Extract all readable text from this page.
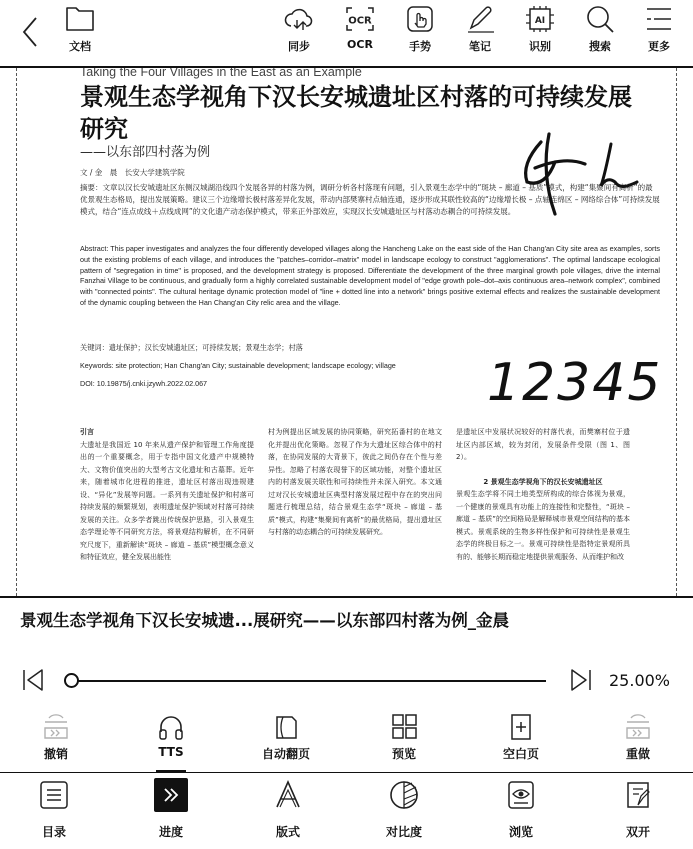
文档	同步
OCR
OCR	手势	笔记
AI
识别	搜索	更多
Taking the Four Villages in the East as an Example
景观生态学视角下汉长安城遗址区村落的可持续发展研究
——以东部四村落为例
文 / 金　晨　长安大学建筑学院
摘要：文章以汉长安城遗址区东侧汉城湖沿线四个发展各异的村落为例，调研分析各村落现有问题，引入景观生态学中的“斑块 – 廊道 – 基质”模式，构建“集聚间有离析”的最优景观生态格局，提出发展策略。建议三个边缘增长极村落差异化发展，带动内部樊寨村点轴连通，逐步形成其联性较高的“边缘增长极 – 点轴连绵区 – 网络综合体”可持续发展模式，结合“连点成线＋点线成网”的文化遗产动态保护模式，带来正外部效应，实现汉长安城遗址区与村落动态耦合的可持续发展。
Abstract: This paper investigates and analyzes the four differently developed villages along the Hancheng Lake on the east side of the Han Chang'an City site area as examples, sorts out the existing problems of each village, and introduces the "patches–corridor–matrix" model in landscape ecology to construct "agglomerations". The optimal landscape ecological pattern of "segregation in time" is proposed, and the development strategy is proposed. Differentiate the development of the three marginal growth pole villages, drive the internal Fanzhai Village to be continuous, and gradually form a highly correlated sustainable development model of "edge growth pole–dot–axis continuous area–network complex", combined with "connected points". The cultural heritage dynamic protection model of "line + dotted line into a network" brings positive external effects and realizes the sustainable development of the dynamic coupling between the Han Chang'an City relic area and the village.
关键词：遗址保护；汉长安城遗址区；可持续发展；景观生态学；村落
Keywords: site protection; Han Chang'an City; sustainable development; landscape ecology; village
DOI: 10.19875/j.cnki.jzywh.2022.02.067
引言
大遗址是我国近 10 年来从遗产保护和管理工作角度提出的一个重要概念，用于专指中国文化遗产中规模特大、文物价值突出的大型考古文化遗址和古墓葬。近年来，随着城市化进程的推进，遗址区村落出现违规建设、“异化”发展等问题。一系列有关遗址保护和村落可持续发展的频繁规划，表明遗址保护领域对村落可持续发展的关注。众多学者跳出传统保护思路，引入景观生态学理论等不同研究方法，将景观结构解析，在不同研究尺度下，重新解读“斑块 – 廊道 – 基质”模型概念意义和特征效应，健全发展出能性
村为例提出区域发展的协同策略，研究拓番村的在地文化并提出优化策略。忽视了作为大遗址区综合体中的村落，在协同发展的大背景下，彼此之间仍存在个性与差异性。忽略了村落农现誉下的区域功能，对整个遗址区内的村落发展关联性和可持续性并未深入研究。本文通过对汉长安城遗址区典型村落发展过程中存在的突出问题进行梳理总结，结合景观生态学“斑块 – 廊道 – 基质”模式，构建“集聚间有离析”的最优格局，提出遗址区与村落的动态耦合的可持续发展研究。
是遗址区中发展状况较好的村落代表，而樊寨村位于遗址区内部区域，较为封闭，发展条件受限（图 1、图 2）。
2 景观生态学视角下的汉长安城遗址区
景观生态学将不同土地类型所构成的综合体视为景观，一个健康的景观具有功能上的连接性和完整性，“斑块 – 廊道 – 基质”的空间格局是解释城市景观空间结构的基本模式。景观系统的生物多样性保护和可持续性是景观生态学的终极目标之一。景观可持续性是指特定景观所具有的、能够长期而稳定地提供景观服务、从而维护和改
12345
景观生态学视角下汉长安城遗...展研究——以东部四村落为例_金晨
25.00%
撤销	TTS	自动翻页	预览	空白页	重做
目录	进度	版式	对比度	浏览	双开
